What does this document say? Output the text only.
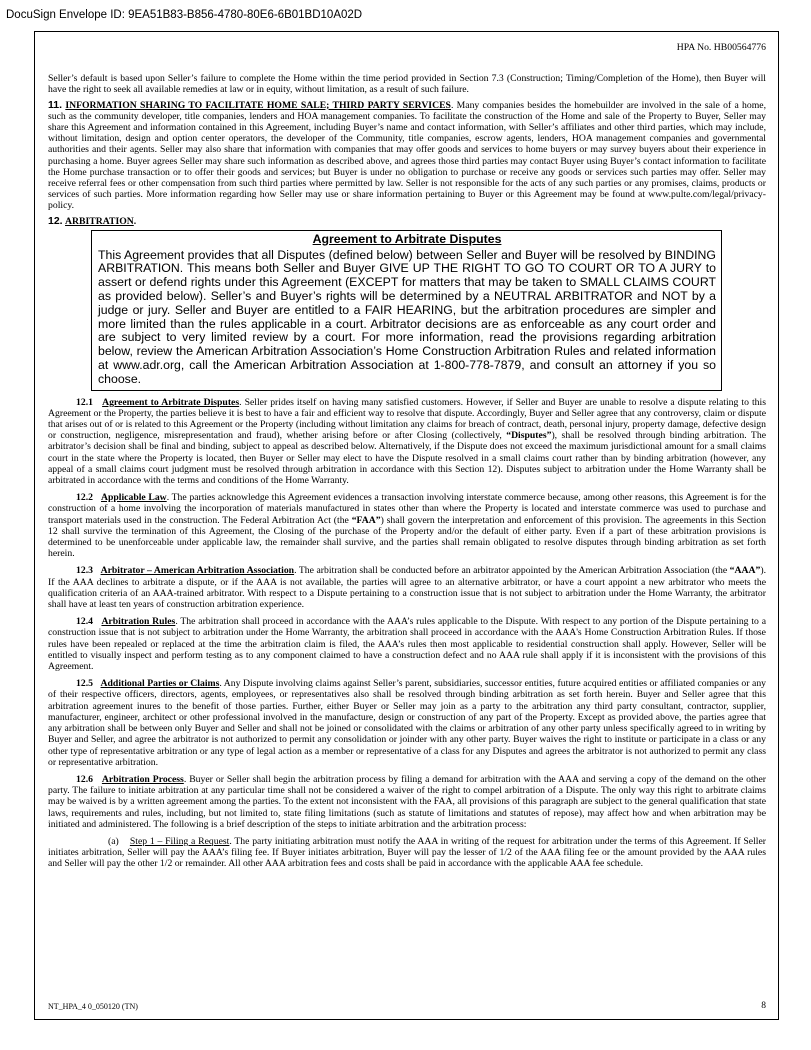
DocuSign Envelope ID: 9EA51B83-B856-4780-80E6-6B01BD10A02D
HPA No. HB00564776

Seller’s default is based upon Seller’s failure to complete the Home within the time period provided in Section 7.3 (Construction; Timing/Completion of the Home), then Buyer will have the right to seek all available remedies at law or in equity, without limitation, as a result of such failure.

11. INFORMATION SHARING TO FACILITATE HOME SALE; THIRD PARTY SERVICES. Many companies besides the homebuilder are involved in the sale of a home, such as the community developer, title companies, lenders and HOA management companies. To facilitate the construction of the Home and sale of the Property to Buyer, Seller may share this Agreement and information contained in this Agreement, including Buyer’s name and contact information, with Seller’s affiliates and other third parties, which may include, without limitation, design and option center operators, the developer of the Community, title companies, escrow agents, lenders, HOA management companies and governmental authorities and their agents. Seller may also share that information with companies that may offer goods and services to home buyers or may survey buyers about their experience in purchasing a home. Buyer agrees Seller may share such information as described above, and agrees those third parties may contact Buyer using Buyer’s contact information to facilitate the Home purchase transaction or to offer their goods and services; but Buyer is under no obligation to purchase or receive any goods or services such parties may offer. Seller may receive referral fees or other compensation from such third parties where permitted by law. Seller is not responsible for the acts of any such parties or any promises, claims, products or services of such parties. More information regarding how Seller may use or share information pertaining to Buyer or this Agreement may be found at www.pulte.com/legal/privacy-policy.

12. ARBITRATION.

Agreement to Arbitrate Disputes
This Agreement provides that all Disputes (defined below) between Seller and Buyer will be resolved by BINDING ARBITRATION. This means both Seller and Buyer GIVE UP THE RIGHT TO GO TO COURT OR TO A JURY to assert or defend rights under this Agreement (EXCEPT for matters that may be taken to SMALL CLAIMS COURT as provided below). Seller’s and Buyer’s rights will be determined by a NEUTRAL ARBITRATOR and NOT by a judge or jury. Seller and Buyer are entitled to a FAIR HEARING, but the arbitration procedures are simpler and more limited than the rules applicable in a court. Arbitrator decisions are as enforceable as any court order and are subject to very limited review by a court. For more information, read the provisions regarding arbitration below, review the American Arbitration Association’s Home Construction Arbitration Rules and related information at www.adr.org, call the American Arbitration Association at 1-800-778-7879, and consult an attorney if you so choose.

12.1 Agreement to Arbitrate Disputes. Seller prides itself on having many satisfied customers. However, if Seller and Buyer are unable to resolve a dispute relating to this Agreement or the Property, the parties believe it is best to have a fair and efficient way to resolve that dispute. Accordingly, Buyer and Seller agree that any controversy, claim or dispute that arises out of or is related to this Agreement or the Property (including without limitation any claims for breach of contract, death, personal injury, property damage, defective design or construction, negligence, misrepresentation and fraud), whether arising before or after Closing (collectively, “Disputes”), shall be resolved through binding arbitration. The arbitrator’s decision shall be final and binding, subject to appeal as described below. Alternatively, if the Dispute does not exceed the maximum jurisdictional amount for a small claims court in the state where the Property is located, then Buyer or Seller may elect to have the Dispute resolved in a small claims court rather than by binding arbitration (however, any appeal of a small claims court judgment must be resolved through arbitration in accordance with this Section 12). Disputes subject to arbitration under the Home Warranty shall be arbitrated in accordance with the terms and conditions of the Home Warranty.

12.2 Applicable Law. The parties acknowledge this Agreement evidences a transaction involving interstate commerce because, among other reasons, this Agreement is for the construction of a home involving the incorporation of materials manufactured in states other than where the Property is located and interstate commerce was used to purchase and transport materials used in the construction. The Federal Arbitration Act (the “FAA”) shall govern the interpretation and enforcement of this provision. The agreements in this Section 12 shall survive the termination of this Agreement, the Closing of the purchase of the Property and/or the default of either party. Even if a part of these arbitration provisions is determined to be unenforceable under applicable law, the remainder shall survive, and the parties shall remain obligated to resolve disputes through binding arbitration as set forth herein.

12.3 Arbitrator – American Arbitration Association. The arbitration shall be conducted before an arbitrator appointed by the American Arbitration Association (the “AAA”). If the AAA declines to arbitrate a dispute, or if the AAA is not available, the parties will agree to an alternative arbitrator, or have a court appoint a new arbitrator who meets the qualification criteria of an AAA-trained arbitrator. With respect to a Dispute pertaining to a construction issue that is not subject to arbitration under the Home Warranty, the arbitrator shall have at least ten years of construction arbitration experience.

12.4 Arbitration Rules. The arbitration shall proceed in accordance with the AAA’s rules applicable to the Dispute. With respect to any portion of the Dispute pertaining to a construction issue that is not subject to arbitration under the Home Warranty, the arbitration shall proceed in accordance with the AAA's Home Construction Arbitration Rules. If those rules have been repealed or replaced at the time the arbitration claim is filed, the AAA’s rules then most applicable to residential construction shall apply. However, Seller will be entitled to visually inspect and perform testing as to any component claimed to have a construction defect and no AAA rule shall apply if it is inconsistent with the provisions of this Agreement.

12.5 Additional Parties or Claims. Any Dispute involving claims against Seller’s parent, subsidiaries, successor entities, future acquired entities or affiliated companies or any of their respective officers, directors, agents, employees, or representatives also shall be resolved through binding arbitration as set forth herein. Buyer and Seller agree that this arbitration agreement inures to the benefit of those parties. Further, either Buyer or Seller may join as a party to the arbitration any third party consultant, contractor, supplier, manufacturer, engineer, architect or other professional involved in the manufacture, design or construction of any part of the Property. Except as provided above, the parties agree that any arbitration shall be between only Buyer and Seller and shall not be joined or consolidated with the claims or arbitration of any other party unless specifically agreed to in writing by Buyer and Seller, and agree the arbitrator is not authorized to permit any consolidation or joinder with any other party. Buyer waives the right to institute or participate in a class or any other type of representative arbitration or any type of legal action as a member or representative of a class for any Disputes and agrees the arbitrator is not authorized to permit any class or representative arbitration.

12.6 Arbitration Process. Buyer or Seller shall begin the arbitration process by filing a demand for arbitration with the AAA and serving a copy of the demand on the other party. The failure to initiate arbitration at any particular time shall not be considered a waiver of the right to compel arbitration of a Dispute. The only way this right to arbitrate claims may be waived is by a written agreement among the parties. To the extent not inconsistent with the FAA, all provisions of this paragraph are subject to the general qualification that state laws, requirements and rules, including, but not limited to, state filing limitations (such as statute of limitations and statutes of repose), may affect how and when arbitration may be initiated and administered. The following is a brief description of the steps to initiate arbitration and the arbitration process:

(a) Step 1 – Filing a Request. The party initiating arbitration must notify the AAA in writing of the request for arbitration under the terms of this Agreement. If Seller initiates arbitration, Seller will pay the AAA’s filing fee. If Buyer initiates arbitration, Buyer will pay the lesser of 1/2 of the AAA filing fee or the amount provided by the AAA rules and Seller will pay the other 1/2 or remainder. All other AAA arbitration fees and costs shall be paid in accordance with the applicable AAA fee schedule.

NT_HPA_4 0_050120 (TN)	8
